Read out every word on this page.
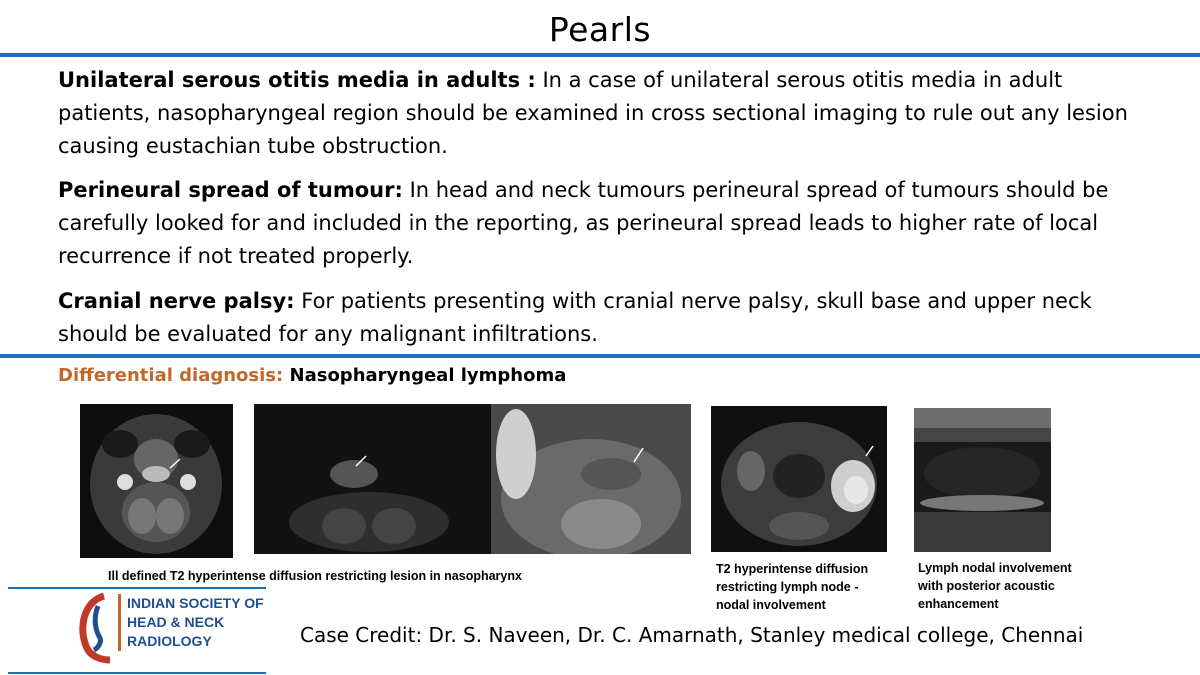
Pearls
Unilateral serous otitis media in adults : In a case of unilateral serous otitis media in adult patients, nasopharyngeal region should be examined in cross sectional imaging to rule out any lesion causing eustachian tube obstruction.
Perineural spread of tumour: In head and neck tumours perineural spread of tumours should be carefully looked for and included in the reporting, as perineural spread leads to higher rate of local recurrence if not treated properly.
Cranial nerve palsy: For patients presenting with cranial nerve palsy, skull base and upper neck should be evaluated for any malignant infiltrations.
Differential diagnosis: Nasopharyngeal lymphoma
Ill defined T2 hyperintense diffusion restricting lesion in nasopharynx	T2 hyperintense diffusion restricting lymph node - nodal involvement
Lymph nodal involvement with posterior acoustic enhancement
INDIAN SOCIETY OF
HEAD & NECK
RADIOLOGY	Case Credit: Dr. S. Naveen, Dr. C. Amarnath, Stanley medical college, Chennai
